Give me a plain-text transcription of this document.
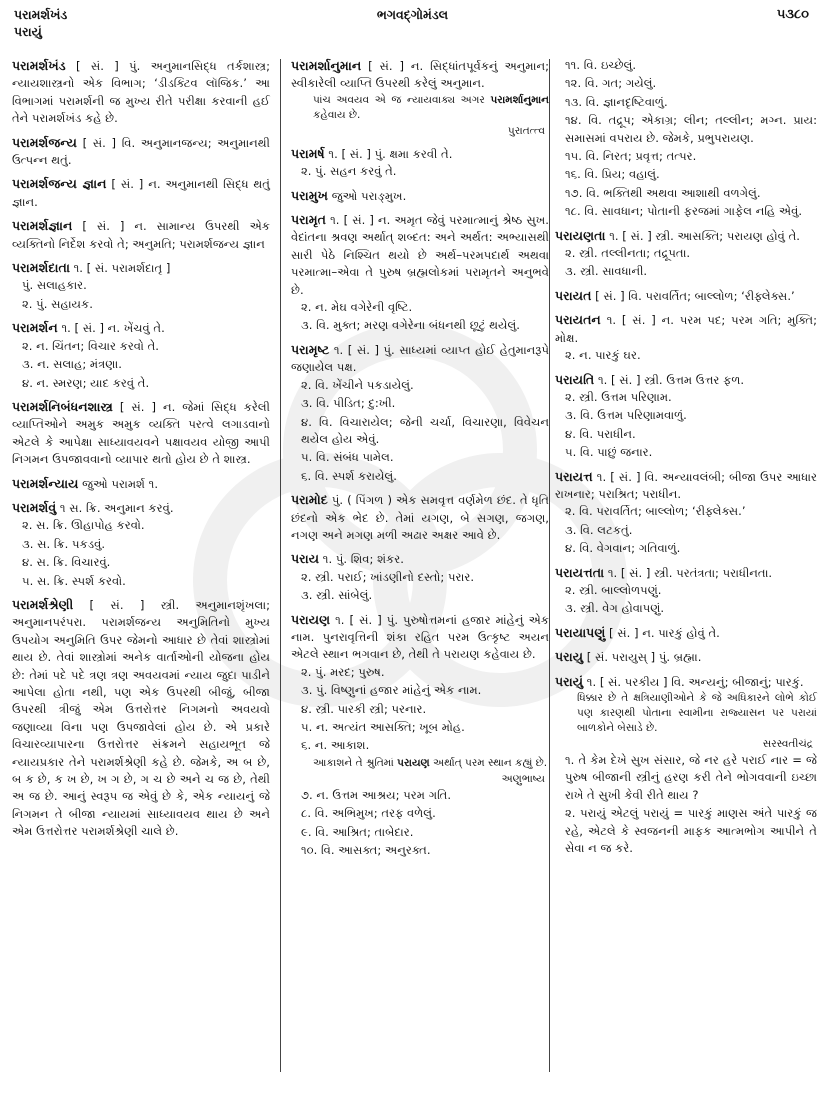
પરામર્શખંડ
પરાયું
ભગવદ્ગોમંડલ	૫૩૮૦
પરામર્શખંડ [ સં. ] પું. અનુમાનસિદ્ધ તર્કશાસ્ત્ર; ન્યાયશાસ્ત્રનો એક વિભાગ; ‘ડીડક્ટિવ લૉજિક.’ આ વિભાગમાં પરામર્શની જ મુખ્ય રીતે પરીક્ષા કરવાની હઈ તેને પરામર્શખંડ કહે છે.
પરામર્શજન્ય [ સં. ] વિ. અનુમાનજન્ય; અનુમાનથી ઉત્પન્ન થતું.
પરામર્શજન્ય જ્ઞાન [ સં. ] ન. અનુમાનથી સિદ્ધ થતું જ્ઞાન.
પરામર્શજ્ઞાન [ સં. ] ન. સામાન્ય ઉપરથી એક વ્યક્તિનો નિર્દેશ કરવો તે; અનુમતિ; પરામર્શજન્ય જ્ઞાન
પરામર્શદાતા ૧. [ સં. પરામર્શદાતૃ ]
પું. સલાહકાર.
૨. પું. સહાયક.
પરામર્શન ૧. [ સં. ] ન. ખેંચવું તે.
૨. ન. ચિંતન; વિચાર કરવો તે.
૩. ન. સલાહ; મંત્રણા.
૪. ન. સ્મરણ; યાદ કરવું તે.
પરામર્શનિબંધનશાસ્ત્ર [ સં. ] ન. જેમાં સિદ્ધ કરેલી વ્યાપ્તિઓને અમુક અમુક વ્યક્તિ પરત્વે લગાડવાનો એટલે કે આપેક્ષા સાધ્યાવયવને પક્ષાવયવ યોજી આપી નિગમન ઉપજાવવાનો વ્યાપાર થતો હોય છે તે શાસ્ત્ર.
પરામર્શન્યાય જુઓ પરામર્શ ૧.
પરામર્શવું ૧ સ. ક્રિ. અનુમાન કરવું.
૨. સ. ક્રિ. ઊહાપોહ કરવો.
૩. સ. ક્રિ. પકડવું.
૪. સ. ક્રિ. વિચારવું.
૫. સ. ક્રિ. સ્પર્શ કરવો.
પરામર્શશ્રેણી [ સં. ] સ્ત્રી. અનુમાનશૃંખલા; અનુમાનપરંપરા. પરામર્શજન્ય અનુમિતિનો મુખ્ય ઉપયોગ અનુમિતિ ઉપર જેમનો આધાર છે તેવાં શાસ્ત્રોમાં થાય છે. તેવાં શાસ્ત્રોમાં અનેક વાર્તાઓની યોજના હોય છે: તેમાં પદે પદે ત્રણ ત્રણ અવયવમાં ન્યાય જુદા પાડીને આપેલા હોતા નથી, પણ એક ઉપરથી બીજું, બીજા ઉપરથી ત્રીજું એમ ઉત્તરોત્તર નિગમનો અવયવો જણાવ્યા વિના પણ ઉપજાવેલાં હોય છે. એ પ્રકારે વિચારવ્યાપારના ઉત્તરોત્તર સંક્રમને સહાયભૂત જે ન્યાયપ્રકાર તેને પરામર્શશ્રેણી કહે છે. જેમકે, અ બ છે, બ ક છે, ક ખ છે, ખ ગ છે, ગ ચ છે અને ચ જ છે, તેથી અ જ છે. આનું સ્વરૂપ જ એવું છે કે, એક ન્યાયનું જે નિગમન તે બીજા ન્યાયમાં સાધ્યાવયવ થાય છે અને એમ ઉત્તરોત્તર પરામર્શશ્રેણી ચાલે છે.
પરામર્શાનુમાન [ સં. ] ન. સિદ્ધાંતપૂર્વકનું અનુમાન; સ્વીકારેલી વ્યાપ્તિ ઉપરથી કરેલું અનુમાન.
પાંચ અવયવ એ જ ન્યાયવાક્ય અગર પરામર્શાનુમાન કહેવાય છે.
પુરાતત્ત્વ
પરામર્ષ ૧. [ સં. ] પું. ક્ષમા કરવી તે.
૨. પું. સહન કરવું તે.
પરામુખ જુઓ પરાઙ્મુખ.
પરામૃત ૧. [ સં. ] ન. અમૃત જેવું પરમાત્માનું શ્રેષ્ઠ સુખ. વેદાંતના શ્રવણ અર્થાત્ શબ્દત: અને અર્થત: અભ્યાસથી સારી પેઠે નિશ્ચિત થયો છે અર્થ–પરમપદાર્થ અથવા પરમાત્મા–એવા તે પુરુષ બ્રહ્મલોકમાં પરામૃતને અનુભવે છે.
૨. ન. મેઘ વગેરેની વૃષ્ટિ.
૩. વિ. મુક્ત; મરણ વગેરેના બંધનથી છૂટું થયેલું.
પરામૃષ્ટ ૧. [ સં. ] પું. સાધ્યમાં વ્યાપ્ત હોઈ હેતુમાનરૂપે જણાયેલ પક્ષ.
૨. વિ. ખેંચીને પકડાયેલું.
૩. વિ. પીડિત; દુ:ખી.
૪. વિ. વિચારાયેલ; જેની ચર્ચા, વિચારણા, વિવેચન થયેલ હોય એવું.
૫. વિ. સંબંધ પામેલ.
૬. વિ. સ્પર્શ કરાયેલું.
પરામોદ પું. ( પિંગળ ) એક સમવૃત્ત વર્ણમેળ છંદ. તે ધૃતિ છંદનો એક ભેદ છે. તેમાં યગણ, બે સગણ, જગણ, નગણ અને મગણ મળી અઢાર અક્ષર આવે છે.
પરાય ૧. પું. શિવ; શંકર.
૨. સ્ત્રી. પરાઈ; ખાંડણીનો દસ્તો; પરાર.
૩. સ્ત્રી. સાંબેલું.
પરાયણ ૧. [ સં. ] પું. પુરુષોત્તમનાં હજાર માંહેનું એક નામ. પુનરાવૃત્તિની શંકા રહિત પરમ ઉત્કૃષ્ટ અયન એટલે સ્થાન ભગવાન છે, તેથી તે પરાયણ કહેવાય છે.
૨. પું. મરદ; પુરુષ.
૩. પું. વિષ્ણુનાં હજાર માંહેનું એક નામ.
૪. સ્ત્રી. પારકી સ્ત્રી; પરનાર.
૫. ન. અત્યંત આસક્તિ; ખૂબ મોહ.
૬. ન. આકાશ.
આકાશને તે શ્રુતિમાં પરાયણ અર્થાત્ પરમ સ્થાન કહ્યું છે.
અણુભાષ્ય
૭. ન. ઉત્તમ આશ્રય; પરમ ગતિ.
૮. વિ. અભિમુખ; તરફ વળેલું.
૯. વિ. આશ્રિત; તાબેદાર.
૧૦. વિ. આસક્ત; અનુરક્ત.
૧૧. વિ. ઇચ્છેલું.
૧૨. વિ. ગત; ગયેલું.
૧૩. વિ. જ્ઞાનદૃષ્ટિવાળું.
૧૪. વિ. તદ્રૂપ; એકાગ્ર; લીન; તલ્લીન; મગ્ન. પ્રાય: સમાસમાં વપરાય છે. જેમકે, પ્રભુપરાયણ.
૧૫. વિ. નિરત; પ્રવૃત્ત; તત્પર.
૧૬. વિ. પ્રિય; વહાલું.
૧૭. વિ. ભક્તિથી અથવા આશાથી વળગેલું.
૧૮. વિ. સાવધાન; પોતાની ફરજમાં ગાફેલ નહિ એવું.
પરાયણતા ૧. [ સં. ] સ્ત્રી. આસક્તિ; પરાયણ હોવું તે.
૨. સ્ત્રી. તલ્લીનતા; તદ્રૂપતા.
૩. સ્ત્રી. સાવધાની.
પરાયત [ સં. ] વિ. પરાવર્તિત; બાલ્લોળ; ‘રીફ્લેક્સ.’
પરાયતન ૧. [ સં. ] ન. પરમ પદ; પરમ ગતિ; મુક્તિ; મોક્ષ.
૨. ન. પારકું ઘર.
પરાયતિ ૧. [ સં. ] સ્ત્રી. ઉત્તમ ઉત્તર ફળ.
૨. સ્ત્રી. ઉત્તમ પરિણામ.
૩. વિ. ઉત્તમ પરિણામવાળું.
૪. વિ. પરાધીન.
૫. વિ. પાછું જનાર.
પરાયત્ત ૧. [ સં. ] વિ. અન્યાવલંબી; બીજા ઉપર આધાર રાખનાર; પરાશ્રિત; પરાધીન.
૨. વિ. પરાવર્તિત; બાલ્લોળ; ‘રીફ્લેક્સ.’
૩. વિ. લટકતું.
૪. વિ. વેગવાન; ગતિવાળું.
પરાયત્તતા ૧. [ સં. ] સ્ત્રી. પરતંત્રતા; પરાધીનતા.
૨. સ્ત્રી. બાલ્લોળપણું.
૩. સ્ત્રી. વેગ હોવાપણું.
પરાયાપણું [ સં. ] ન. પારકું હોવું તે.
પરાયુ [ સં. પરાયુસ્ ] પું. બ્રહ્મા.
પરાયું ૧. [ સં. પરકીય ] વિ. અન્યનું; બીજાનું; પારકું.
ધિક્કાર છે તે ક્ષત્રિયાણીઓને કે જે અધિકારને લોભે કોઈ પણ કારણથી પોતાના સ્વામીના રાજ્યાસન પર પરાયાં બાળકોને બેસાડે છે.
સરસ્વતીચંદ્ર
૧. તે કેમ દેખે સુખ સંસાર, જે નર હરે પરાઈ નાર = જે પુરુષ બીજાની સ્ત્રીનું હરણ કરી તેને ભોગવવાની ઇચ્છા રાખે તે સુખી કેવી રીતે થાય ?
૨. પરાયું એટલું પરાયું = પારકું માણસ અંતે પારકું જ રહે, એટલે કે સ્વજનની માફક આત્મભોગ આપીને તે સેવા ન જ કરે.
